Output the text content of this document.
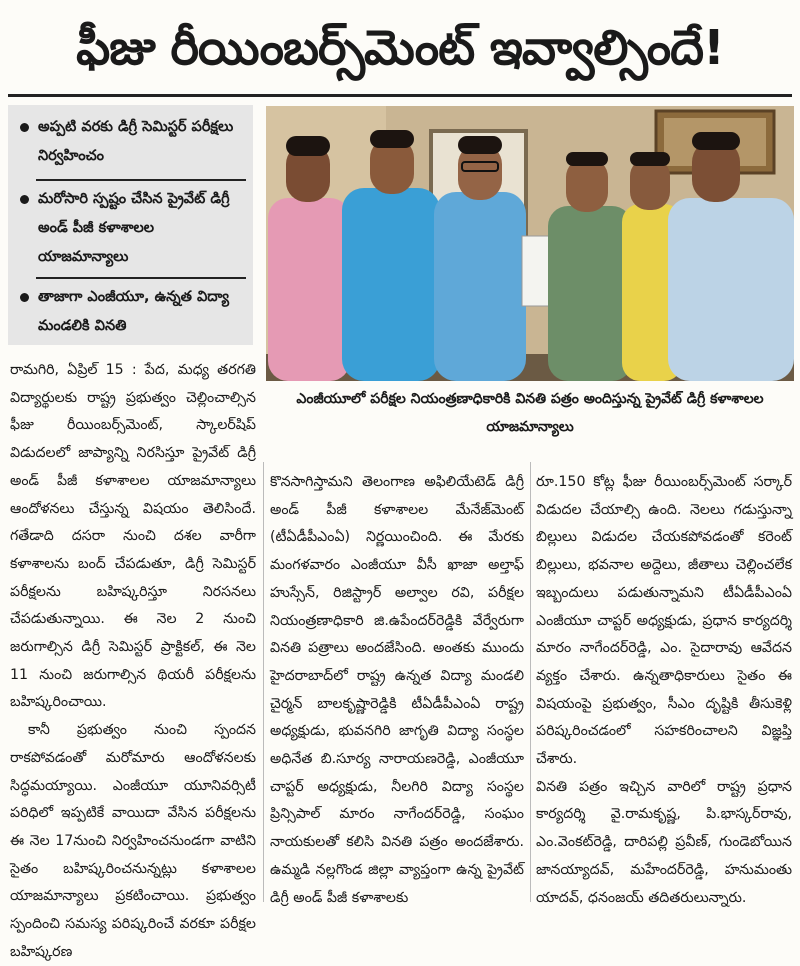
ఫీజు రీయింబర్స్‌మెంట్ ఇవ్వాల్సిందే!
అప్పటి వరకు డిగ్రీ సెమిస్టర్ పరీక్షలు నిర్వహించం
మరోసారి స్పష్టం చేసిన ప్రైవేట్ డిగ్రీ అండ్ పీజీ కళాశాలల యాజమాన్యాలు
తాజాగా ఎంజీయూ, ఉన్నత విద్యా మండలికి వినతి
ఎంజీయూలో పరీక్షల నియంత్రణాధికారికి వినతి పత్రం అందిస్తున్న ప్రైవేట్ డిగ్రీ కళాశాలల యాజమాన్యాలు

రామగిరి, ఏప్రిల్ 15 : పేద, మధ్య తరగతి విద్యార్థులకు రాష్ట్ర ప్రభుత్వం చెల్లించాల్సిన ఫీజు రీయింబర్స్‌మెంట్, స్కాలర్‌షిప్ విడుదలలో జాప్యాన్ని నిరసిస్తూ ప్రైవేట్ డిగ్రీ అండ్ పీజీ కళాశాలల యాజమాన్యాలు ఆందోళనలు చేస్తున్న విషయం తెలిసిందే. గతేడాది దసరా నుంచి దశల వారీగా కళాశాలను బంద్ చేపడుతూ, డిగ్రీ సెమిస్టర్ పరీక్షలను బహిష్కరిస్తూ నిరసనలు చేపడుతున్నాయి. ఈ నెల 2 నుంచి జరుగాల్సిన డిగ్రీ సెమిస్టర్ ప్రాక్టికల్, ఈ నెల 11 నుంచి జరుగాల్సిన థియరీ పరీక్షలను బహిష్కరించాయి.

కానీ ప్రభుత్వం నుంచి స్పందన రాకపోవడంతో మరోమారు ఆందోళనలకు సిద్ధమయ్యాయి. ఎంజీయూ యూనివర్సిటీ పరిధిలో ఇప్పటికే వాయిదా వేసిన పరీక్షలను ఈ నెల 17నుంచి నిర్వహించనుండగా వాటిని సైతం బహిష్కరించనున్నట్లు కళాశాలల యాజమాన్యాలు ప్రకటించాయి. ప్రభుత్వం స్పందించి సమస్య పరిష్కరించే వరకూ పరీక్షల బహిష్కరణ

కొనసాగిస్తామని తెలంగాణ అఫిలియేటెడ్ డిగ్రీ అండ్ పీజీ కళాశాలల మేనేజ్‌మెంట్ (టీఏడీపీఎంఏ) నిర్ణయించింది. ఈ మేరకు మంగళవారం ఎంజీయూ వీసీ ఖాజా అల్తాఫ్ హుస్సేన్, రిజిస్ట్రార్ అల్వాల రవి, పరీక్షల నియంత్రణాధికారి జి.ఉపేందర్‌రెడ్డికి వేర్వేరుగా వినతి పత్రాలు అందజేసింది. అంతకు ముందు హైదరాబాద్‌లో రాష్ట్ర ఉన్నత విద్యా మండలి చైర్మన్ బాలకృష్ణారెడ్డికి టీఏడీపీఎంఏ రాష్ట్ర అధ్యక్షుడు, భువనగిరి జాగృతి విద్యా సంస్థల అధినేత బి.సూర్య నారాయణరెడ్డి, ఎంజీయూ చాప్టర్ అధ్యక్షుడు, నీలగిరి విద్యా సంస్థల ప్రిన్సిపాల్ మారం నాగేందర్‌రెడ్డి, సంఘం నాయకులతో కలిసి వినతి పత్రం అందజేశారు. ఉమ్మడి నల్లగొండ జిల్లా వ్యాప్తంగా ఉన్న ప్రైవేట్ డిగ్రీ అండ్ పీజీ కళాశాలకు

రూ.150 కోట్ల ఫీజు రీయింబర్స్‌మెంట్ సర్కార్ విడుదల చేయాల్సి ఉంది. నెలలు గడుస్తున్నా బిల్లులు విడుదల చేయకపోవడంతో కరెంట్ బిల్లులు, భవనాల అద్దెలు, జీతాలు చెల్లించలేక ఇబ్బందులు పడుతున్నామని టీఏడీపీఎంఏ ఎంజీయూ చాప్టర్ అధ్యక్షుడు, ప్రధాన కార్యదర్శి మారం నాగేందర్‌రెడ్డి, ఎం. సైదారావు ఆవేదన వ్యక్తం చేశారు. ఉన్నతాధికారులు సైతం ఈ విషయంపై ప్రభుత్వం, సీఎం దృష్టికి తీసుకెళ్లి పరిష్కరించడంలో సహకరించాలని విజ్ఞప్తి చేశారు.

వినతి పత్రం ఇచ్చిన వారిలో రాష్ట్ర ప్రధాన కార్యదర్శి వై.రామకృష్ణ, పి.భాస్కర్‌రావు, ఎం.వెంకట్‌రెడ్డి, దారిపల్లి ప్రవీణ్, గుండెబోయిన జానయ్యాదవ్, మహేందర్‌రెడ్డి, హనుమంతు యాదవ్, ధనంజయ్ తదితరులున్నారు.
